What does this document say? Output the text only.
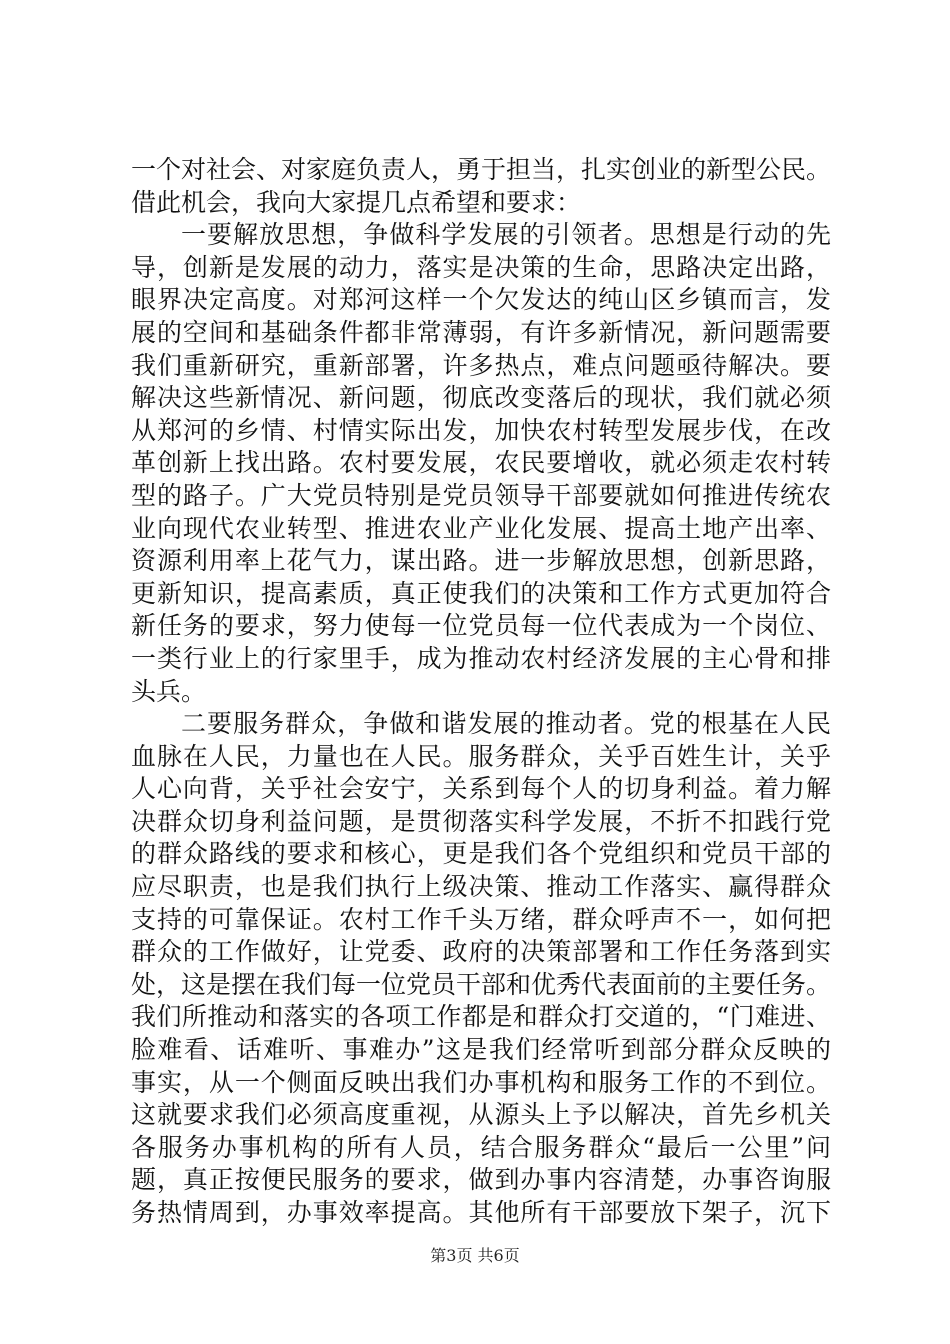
一个对社会、对家庭负责人，勇于担当，扎实创业的新型公民。
借此机会，我向大家提几点希望和要求：
一要解放思想，争做科学发展的引领者。思想是行动的先
导，创新是发展的动力，落实是决策的生命，思路决定出路，
眼界决定高度。对郑河这样一个欠发达的纯山区乡镇而言，发
展的空间和基础条件都非常薄弱，有许多新情况，新问题需要
我们重新研究，重新部署，许多热点，难点问题亟待解决。要
解决这些新情况、新问题，彻底改变落后的现状，我们就必须
从郑河的乡情、村情实际出发，加快农村转型发展步伐，在改
革创新上找出路。农村要发展，农民要增收，就必须走农村转
型的路子。广大党员特别是党员领导干部要就如何推进传统农
业向现代农业转型、推进农业产业化发展、提高土地产出率、
资源利用率上花气力，谋出路。进一步解放思想，创新思路，
更新知识，提高素质，真正使我们的决策和工作方式更加符合
新任务的要求，努力使每一位党员每一位代表成为一个岗位、
一类行业上的行家里手，成为推动农村经济发展的主心骨和排
头兵。
二要服务群众，争做和谐发展的推动者。党的根基在人民
血脉在人民，力量也在人民。服务群众，关乎百姓生计，关乎
人心向背，关乎社会安宁，关系到每个人的切身利益。着力解
决群众切身利益问题，是贯彻落实科学发展，不折不扣践行党
的群众路线的要求和核心，更是我们各个党组织和党员干部的
应尽职责，也是我们执行上级决策、推动工作落实、赢得群众
支持的可靠保证。农村工作千头万绪，群众呼声不一，如何把
群众的工作做好，让党委、政府的决策部署和工作任务落到实
处，这是摆在我们每一位党员干部和优秀代表面前的主要任务。
我们所推动和落实的各项工作都是和群众打交道的，“门难进、
脸难看、话难听、事难办”这是我们经常听到部分群众反映的
事实，从一个侧面反映出我们办事机构和服务工作的不到位。
这就要求我们必须高度重视，从源头上予以解决，首先乡机关
各服务办事机构的所有人员，结合服务群众“最后一公里”问
题，真正按便民服务的要求，做到办事内容清楚，办事咨询服
务热情周到，办事效率提高。其他所有干部要放下架子，沉下
第3页 共6页
